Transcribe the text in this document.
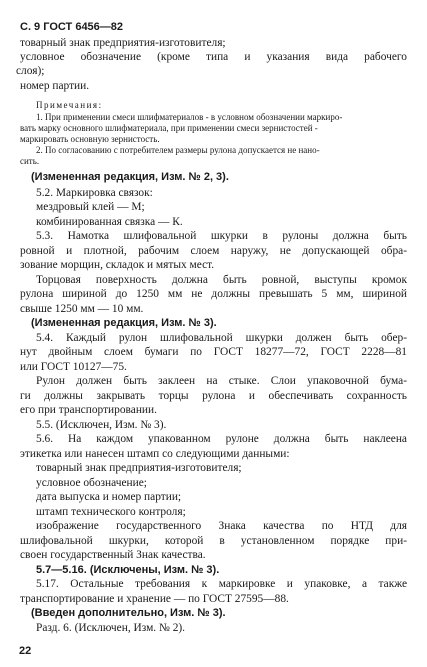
С. 9 ГОСТ 6456—82
товарный знак предприятия-изготовителя;
условное обозначение (кроме типа и указания вида рабочего
слоя);
номер партии.
Примечания:
1. При применении смеси шлифматериалов - в условном обозначении маркиро-
вать марку основного шлифматериала, при применении смеси зернистостей -
маркировать основную зернистость.
2. По согласованию с потребителем размеры рулона допускается не нано-
сить.
(Измененная редакция, Изм. № 2, 3).
5.2. Маркировка связок:
мездровый клей — М;
комбинированная связка — К.
5.3. Намотка шлифовальной шкурки в рулоны должна быть
ровной и плотной, рабочим слоем наружу, не допускающей обра-
зование морщин, складок и мятых мест.
Торцовая поверхность должна быть ровной, выступы кромок
рулона шириной до 1250 мм не должны превышать 5 мм, шириной
свыше 1250 мм — 10 мм.
(Измененная редакция, Изм. № 3).
5.4. Каждый рулон шлифовальной шкурки должен быть обер-
нут двойным слоем бумаги по ГОСТ 18277—72, ГОСТ 2228—81
или ГОСТ 10127—75.
Рулон должен быть заклеен на стыке. Слои упаковочной бума-
ги должны закрывать торцы рулона и обеспечивать сохранность
его при транспортировании.
5.5. (Исключен, Изм. № 3).
5.6. На каждом упакованном рулоне должна быть наклеена
этикетка или нанесен штамп со следующими данными:
товарный знак предприятия-изготовителя;
условное обозначение;
дата выпуска и номер партии;
штамп технического контроля;
изображение государственного Знака качества по НТД для
шлифовальной шкурки, которой в установленном порядке при-
своен государственный Знак качества.
5.7—5.16. (Исключены, Изм. № 3).
5.17. Остальные требования к маркировке и упаковке, а также
транспортирование и хранение — по ГОСТ 27595—88.
(Введен дополнительно, Изм. № 3).
Разд. 6. (Исключен, Изм. № 2).
22
